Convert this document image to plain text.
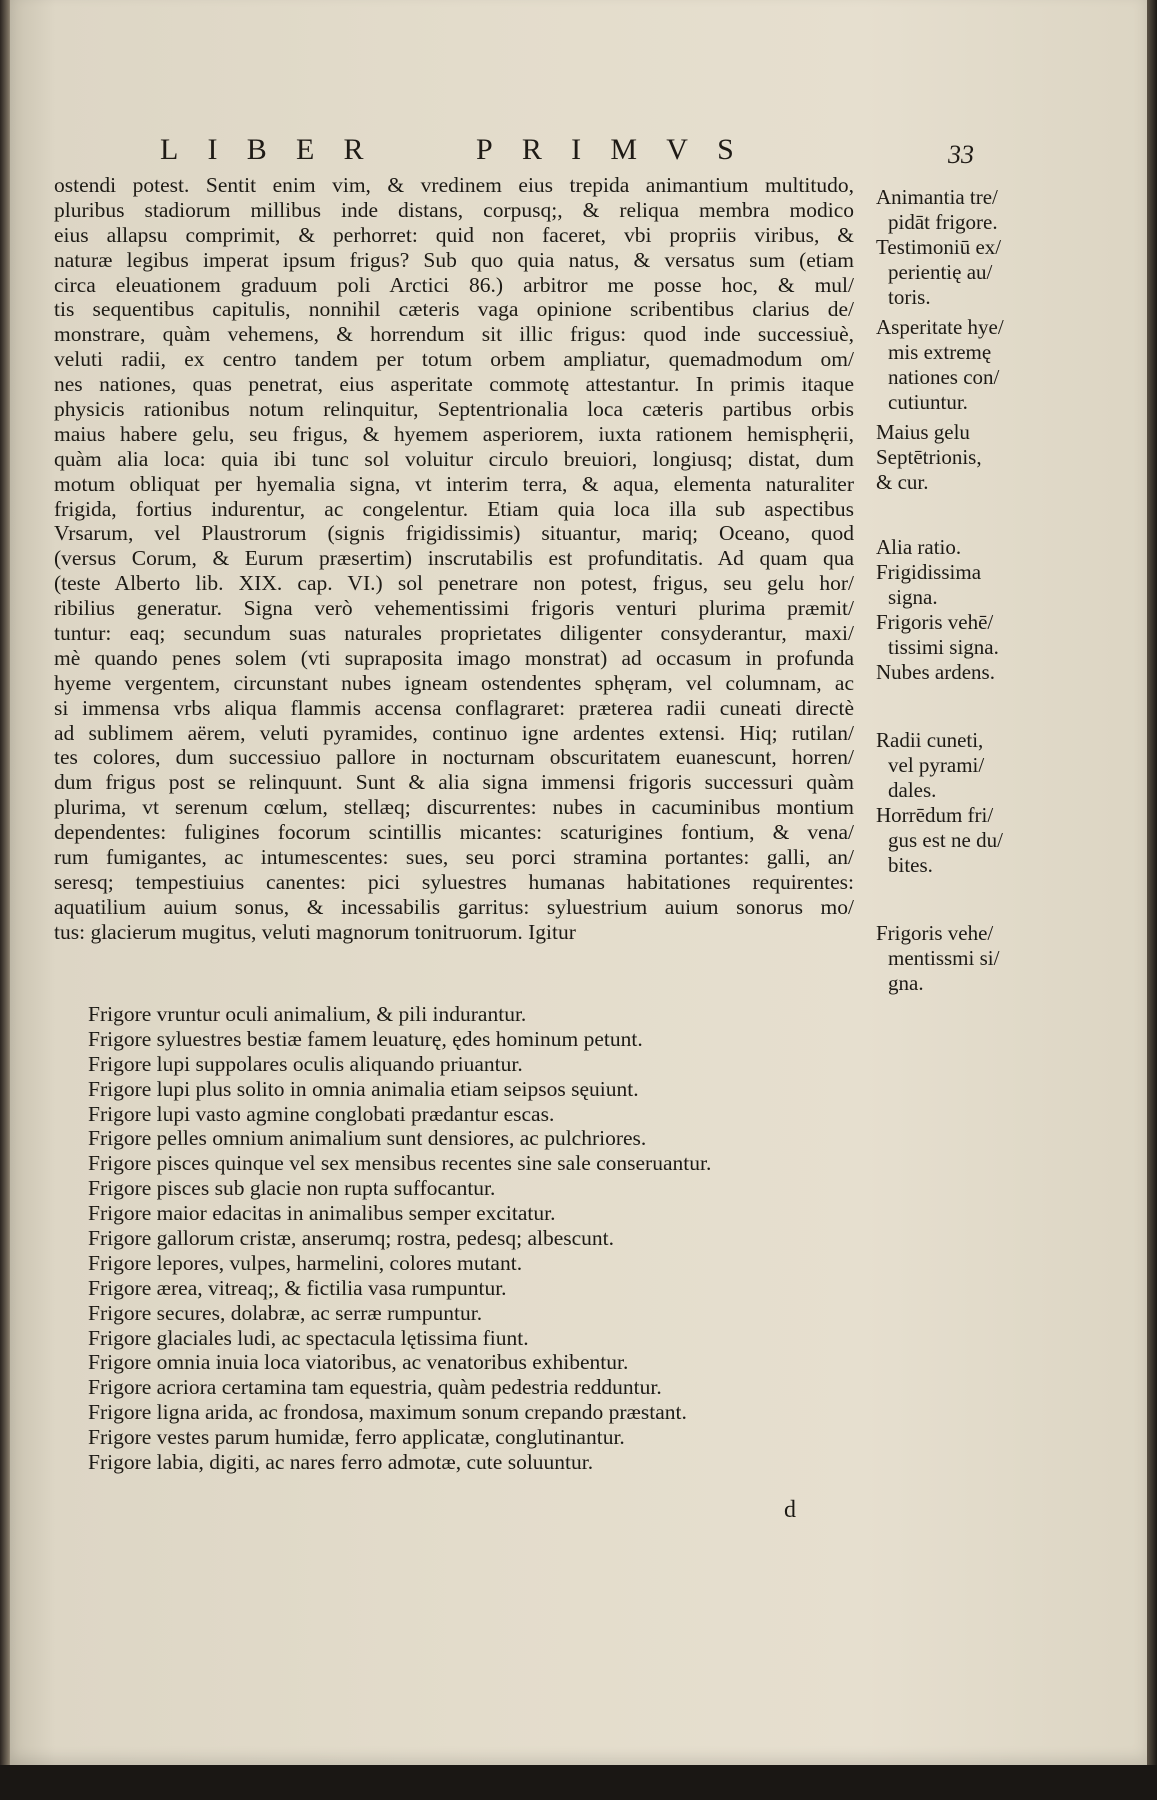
L I B E R	P R I M V S	33
ostendi potest. Sentit enim vim, & vredinem eius trepida animantium multitudo,
pluribus stadiorum millibus inde distans, corpusq;, & reliqua membra modico
eius allapsu comprimit, & perhorret: quid non faceret, vbi propriis viribus, &
naturæ legibus imperat ipsum frigus? Sub quo quia natus, & versatus sum (etiam
circa eleuationem graduum poli Arctici 86.) arbitror me posse hoc, & mul/
tis sequentibus capitulis, nonnihil cæteris vaga opinione scribentibus clarius de/
monstrare, quàm vehemens, & horrendum sit illic frigus: quod inde successiuè,
veluti radii, ex centro tandem per totum orbem ampliatur, quemadmodum om/
nes nationes, quas penetrat, eius asperitate commotę attestantur. In primis itaque
physicis rationibus notum relinquitur, Septentrionalia loca cæteris partibus orbis
maius habere gelu, seu frigus, & hyemem asperiorem, iuxta rationem hemisphęrii,
quàm alia loca: quia ibi tunc sol voluitur circulo breuiori, longiusq; distat, dum
motum obliquat per hyemalia signa, vt interim terra, & aqua, elementa naturaliter
frigida, fortius indurentur, ac congelentur. Etiam quia loca illa sub aspectibus
Vrsarum, vel Plaustrorum (signis frigidissimis) situantur, mariq; Oceano, quod
(versus Corum, & Eurum præsertim) inscrutabilis est profunditatis. Ad quam qua
(teste Alberto lib. XIX. cap. VI.) sol penetrare non potest, frigus, seu gelu hor/
ribilius generatur. Signa verò vehementissimi frigoris venturi plurima præmit/
tuntur: eaq; secundum suas naturales proprietates diligenter consyderantur, maxi/
mè quando penes solem (vti suprapositа imago monstrat) ad occasum in profunda
hyeme vergentem, circunstant nubes igneam ostendentes sphęram, vel columnam, ac
si immensa vrbs aliqua flammis accensa conflagraret: præterea radii cuneati directè
ad sublimem aërem, veluti pyramides, continuo igne ardentes extensi. Hiq; rutilan/
tes colores, dum successiuo pallore in nocturnam obscuritatem euanescunt, horren/
dum frigus post se relinquunt. Sunt & alia signa immensi frigoris successuri quàm
plurima, vt serenum cœlum, stellæq; discurrentes: nubes in cacuminibus montium
dependentes: fuligines focorum scintillis micantes: scaturigines fontium, & vena/
rum fumigantes, ac intumescentes: sues, seu porci stramina portantes: galli, an/
seresq; tempestiuius canentes: pici syluestres humanas habitationes requirentes:
aquatilium auium sonus, & incessabilis garritus: syluestrium auium sonorus mo/
tus: glacierum mugitus, veluti magnorum tonitruorum. Igitur
Animantia tre/
pidāt frigore.
Testimoniū ex/
perientię au/
toris.
Asperitate hye/
mis extremę
nationes con/
cutiuntur.
Maius gelu
Septētrionis,
& cur.
Alia ratio.
Frigidissima
signa.
Frigoris vehē/
tissimi signa.
Nubes ardens.
Radii cuneti,
vel pyrami/
dales.
Horrēdum fri/
gus est ne du/
bites.
Frigoris vehe/
mentissmi si/
gna.
Frigore vruntur oculi animalium, & pili indurantur.
Frigore syluestres bestiæ famem leuaturę, ędes hominum petunt.
Frigore lupi suppolares oculis aliquando priuantur.
Frigore lupi plus solito in omnia animalia etiam seipsos sęuiunt.
Frigore lupi vasto agmine conglobati prædantur escas.
Frigore pelles omnium animalium sunt densiores, ac pulchriores.
Frigore pisces quinque vel sex mensibus recentes sine sale conseruantur.
Frigore pisces sub glacie non rupta suffocantur.
Frigore maior edacitas in animalibus semper excitatur.
Frigore gallorum cristæ, anserumq; rostra, pedesq; albescunt.
Frigore lepores, vulpes, harmelini, colores mutant.
Frigore ærea, vitreaq;, & fictilia vasa rumpuntur.
Frigore secures, dolabræ, ac serræ rumpuntur.
Frigore glaciales ludi, ac spectacula lętissima fiunt.
Frigore omnia inuia loca viatoribus, ac venatoribus exhibentur.
Frigore acriora certamina tam equestria, quàm pedestria redduntur.
Frigore ligna arida, ac frondosa, maximum sonum crepando præstant.
Frigore vestes parum humidæ, ferro applicatæ, conglutinantur.
Frigore labia, digiti, ac nares ferro admotæ, cute soluuntur.
d
